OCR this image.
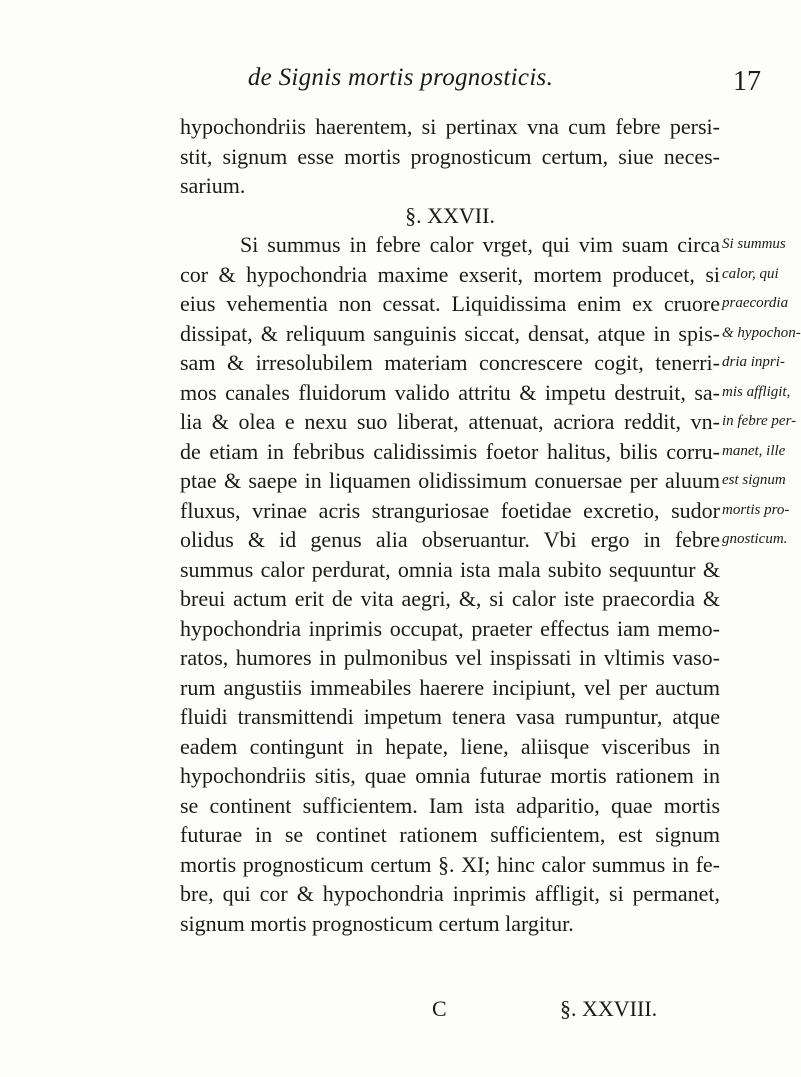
de Signis mortis prognosticis.	17
hypochondriis haerentem, si pertinax vna cum febre persi-
stit, signum esse mortis prognosticum certum, siue neces-
sarium.
§. XXVII.
Si summus in febre calor vrget, qui vim suam circa
cor & hypochondria maxime exserit, mortem producet, si
eius vehementia non cessat. Liquidissima enim ex cruore
dissipat, & reliquum sanguinis siccat, densat, atque in spis-
sam & irresolubilem materiam concrescere cogit, tenerri-
mos canales fluidorum valido attritu & impetu destruit, sa-
lia & olea e nexu suo liberat, attenuat, acriora reddit, vn-
de etiam in febribus calidissimis foetor halitus, bilis corru-
ptae & saepe in liquamen olidissimum conuersae per aluum
fluxus, vrinae acris stranguriosae foetidae excretio, sudor
olidus & id genus alia obseruantur. Vbi ergo in febre
summus calor perdurat, omnia ista mala subito sequuntur &
breui actum erit de vita aegri, &, si calor iste praecordia &
hypochondria inprimis occupat, praeter effectus iam memo-
ratos, humores in pulmonibus vel inspissati in vltimis vaso-
rum angustiis immeabiles haerere incipiunt, vel per auctum
fluidi transmittendi impetum tenera vasa rumpuntur, atque
eadem contingunt in hepate, liene, aliisque visceribus in
hypochondriis sitis, quae omnia futurae mortis rationem in
se continent sufficientem. Iam ista adparitio, quae mortis
futurae in se continet rationem sufficientem, est signum
mortis prognosticum certum §. XI; hinc calor summus in fe-
bre, qui cor & hypochondria inprimis affligit, si permanet,
signum mortis prognosticum certum largitur.
Si summus
calor, qui
praecordia
& hypochon-
dria inpri-
mis affligit,
in febre per-
manet, ille
est signum
mortis pro-
gnosticum.
C	§. XXVIII.
